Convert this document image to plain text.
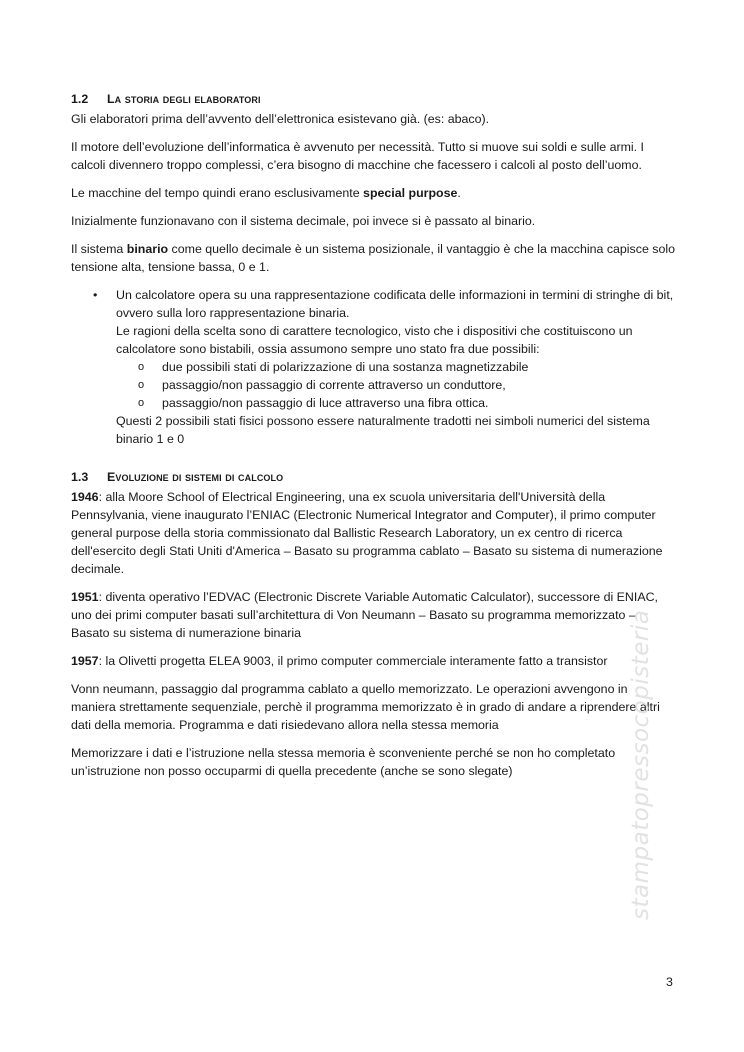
1.2	La storia degli elaboratori

Gli elaboratori prima dell’avvento dell’elettronica esistevano già. (es: abaco).

Il motore dell’evoluzione dell’informatica è avvenuto per necessità. Tutto si muove sui soldi e sulle armi. I calcoli divennero troppo complessi, c’era bisogno di macchine che facessero i calcoli al posto dell’uomo.

Le macchine del tempo quindi erano esclusivamente special purpose.

Inizialmente funzionavano con il sistema decimale, poi invece si è passato al binario.

Il sistema binario come quello decimale è un sistema posizionale, il vantaggio è che la macchina capisce solo tensione alta, tensione bassa, 0 e 1.

• Un calcolatore opera su una rappresentazione codificata delle informazioni in termini di stringhe di bit, ovvero sulla loro rappresentazione binaria.
Le ragioni della scelta sono di carattere tecnologico, visto che i dispositivi che costituiscono un calcolatore sono bistabili, ossia assumono sempre uno stato fra due possibili:
o due possibili stati di polarizzazione di una sostanza magnetizzabile
o passaggio/non passaggio di corrente attraverso un conduttore,
o passaggio/non passaggio di luce attraverso una fibra ottica.
Questi 2 possibili stati fisici possono essere naturalmente tradotti nei simboli numerici del sistema binario 1 e 0
1.3	Evoluzione di sistemi di calcolo

1946: alla Moore School of Electrical Engineering, una ex scuola universitaria dell'Università della Pennsylvania, viene inaugurato l’ENIAC (Electronic Numerical Integrator and Computer), il primo computer general purpose della storia commissionato dal Ballistic Research Laboratory, un ex centro di ricerca dell'esercito degli Stati Uniti d'America – Basato su programma cablato – Basato su sistema di numerazione decimale.

1951: diventa operativo l’EDVAC (Electronic Discrete Variable Automatic Calculator), successore di ENIAC, uno dei primi computer basati sull’architettura di Von Neumann – Basato su programma memorizzato – Basato su sistema di numerazione binaria

1957: la Olivetti progetta ELEA 9003, il primo computer commerciale interamente fatto a transistor

Vonn neumann, passaggio dal programma cablato a quello memorizzato. Le operazioni avvengono in maniera strettamente sequenziale, perchè il programma memorizzato è in grado di andare a riprendere altri dati della memoria. Programma e dati risiedevano allora nella stessa memoria

Memorizzare i dati e l’istruzione nella stessa memoria è sconveniente perché se non ho completato un’istruzione non posso occuparmi di quella precedente (anche se sono slegate)	stampatopressocopisteria
3
